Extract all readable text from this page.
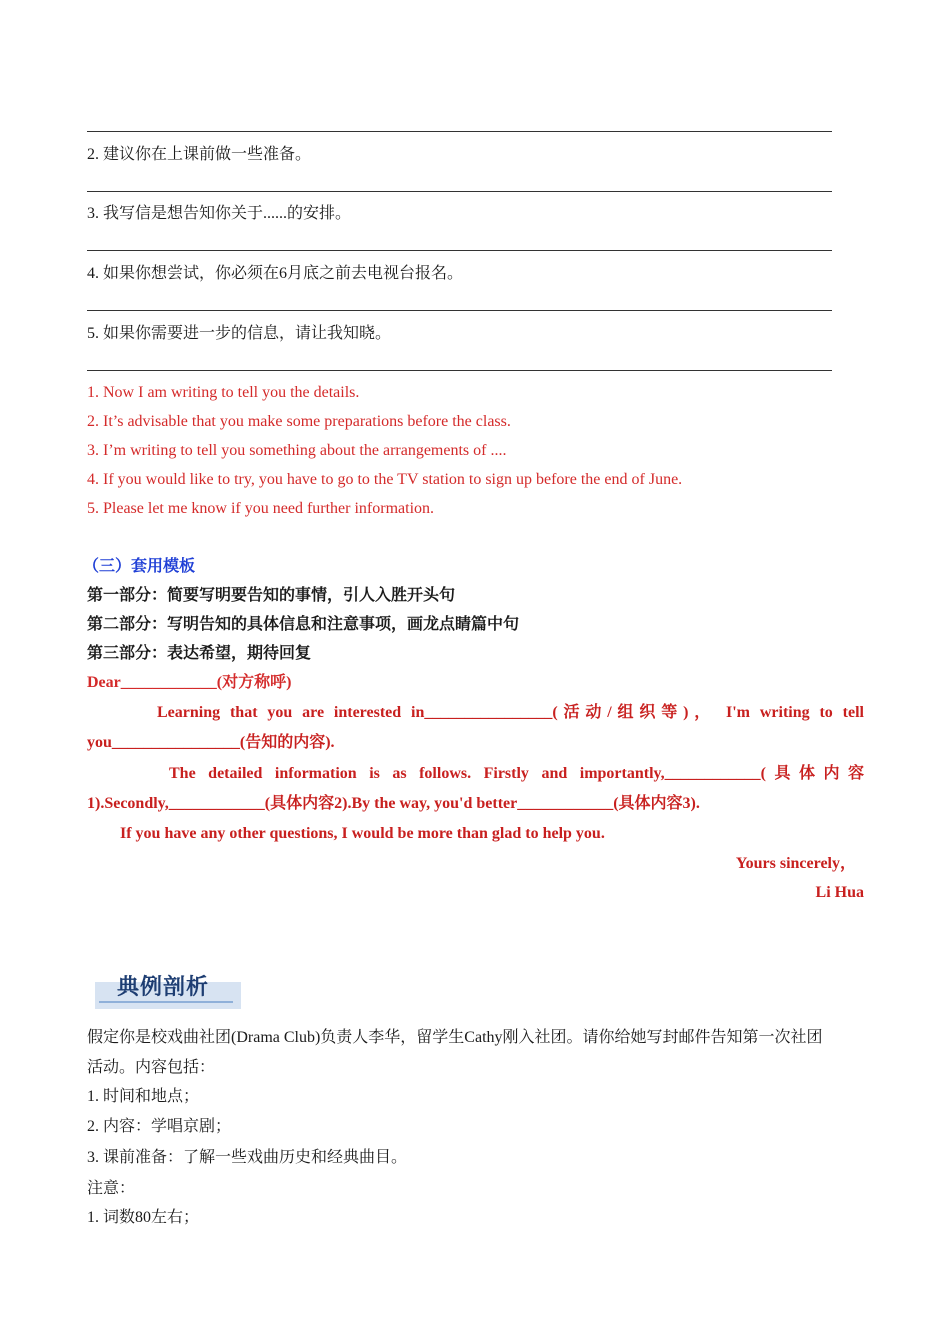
2. 建议你在上课前做一些准备。
3. 我写信是想告知你关于......的安排。
4. 如果你想尝试，你必须在6月底之前去电视台报名。
5. 如果你需要进一步的信息，请让我知晓。
1. Now I am writing to tell you the details.
2. It’s advisable that you make some preparations before the class.
3. I’m writing to tell you something about the arrangements of ....
4. If you would like to try, you have to go to the TV station to sign up before the end of June.
5. Please let me know if you need further information.
（三）套用模板
第一部分：简要写明要告知的事情，引人入胜开头句
第二部分：写明告知的具体信息和注意事项，画龙点睛篇中句
第三部分：表达希望，期待回复
Dear____________(对方称呼)
Learning that you are interested in________________(活动/组织等)， I'm writing to tell
you________________(告知的内容).
The detailed information is as follows. Firstly and importantly,____________(具体内容
1).Secondly,____________(具体内容2).By the way, you'd better____________(具体内容3).
If you have any other questions, I would be more than glad to help you.
Yours sincerely，
Li Hua
典例剖析
假定你是校戏曲社团(Drama Club)负责人李华，留学生Cathy刚入社团。请你给她写封邮件告知第一次社团
活动。内容包括：
1. 时间和地点；
2. 内容：学唱京剧；
3. 课前准备：了解一些戏曲历史和经典曲目。
注意：
1. 词数80左右；
